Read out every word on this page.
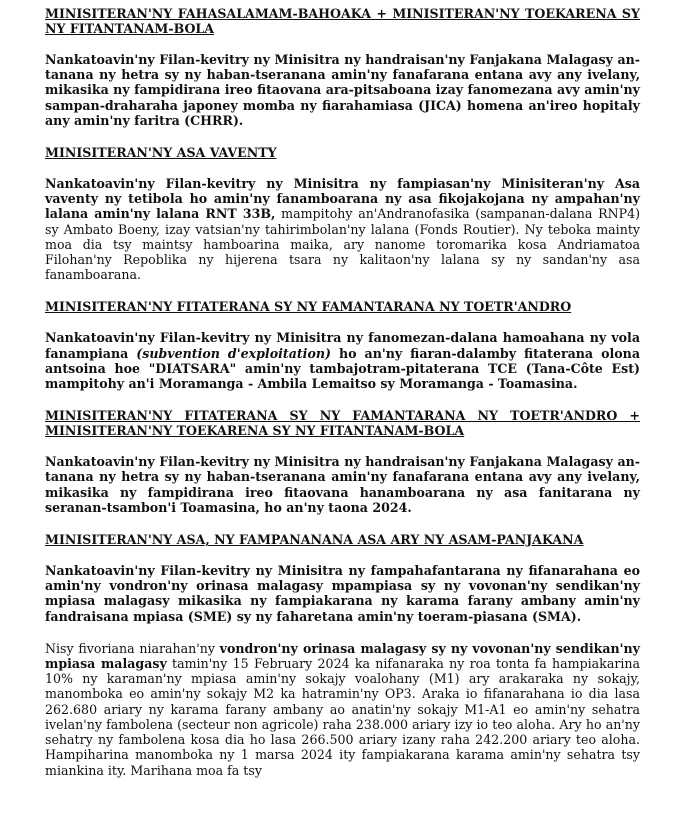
MINISITERAN'NY FAHASALAMAM-BAHOAKA + MINISITERAN'NY TOEKARENA SY NY FITANTANAM-BOLA
Nankatoavin'ny Filan-kevitry ny Minisitra ny handraisan'ny Fanjakana Malagasy an-tanana ny hetra sy ny haban-tseranana amin'ny fanafarana entana avy any ivelany, mikasika ny fampidirana ireo fitaovana ara-pitsaboana izay fanomezana avy amin'ny sampan-draharaha japoney momba ny fiarahamiasa (JICA) homena an'ireo hopitaly any amin'ny faritra (CHRR).
MINISITERAN'NY ASA VAVENTY
Nankatoavin'ny Filan-kevitry ny Minisitra ny fampiasan'ny Minisiteran'ny Asa vaventy ny tetibola ho amin'ny fanamboarana ny asa fikojakojana ny ampahan'ny lalana amin'ny lalana RNT 33B, mampitohy an'Andranofasika (sampanan-dalana RNP4) sy Ambato Boeny, izay vatsian'ny tahirimbolan'ny lalana (Fonds Routier). Ny teboka mainty moa dia tsy maintsy hamboarina maika, ary nanome toromarika kosa Andriamatoa Filohan'ny Repoblika ny hijerena tsara ny kalitaon'ny lalana sy ny sandan'ny asa fanamboarana.
MINISITERAN'NY FITATERANA SY NY FAMANTARANA NY TOETR'ANDRO
Nankatoavin'ny Filan-kevitry ny Minisitra ny fanomezan-dalana hamoahana ny vola fanampiana (subvention d'exploitation) ho an'ny fiaran-dalamby fitaterana olona antsoina hoe "DIATSARA" amin'ny tambajotram-pitaterana TCE (Tana-Côte Est) mampitohy an'i Moramanga - Ambila Lemaitso sy Moramanga - Toamasina.
MINISITERAN'NY FITATERANA SY NY FAMANTARANA NY TOETR'ANDRO + MINISITERAN'NY TOEKARENA SY NY FITANTANAM-BOLA
Nankatoavin'ny Filan-kevitry ny Minisitra ny handraisan'ny Fanjakana Malagasy an-tanana ny hetra sy ny haban-tseranana amin'ny fanafarana entana avy any ivelany, mikasika ny fampidirana ireo fitaovana hanamboarana ny asa fanitarana ny seranan-tsambon'i Toamasina, ho an'ny taona 2024.
MINISITERAN'NY ASA, NY FAMPANANANA ASA ARY NY ASAM-PANJAKANA
Nankatoavin'ny Filan-kevitry ny Minisitra ny fampahafantarana ny fifanarahana eo amin'ny vondron'ny orinasa malagasy mpampiasa sy ny vovonan'ny sendikan'ny mpiasa malagasy mikasika ny fampiakarana ny karama farany ambany amin'ny fandraisana mpiasa (SME) sy ny faharetana amin'ny toeram-piasana (SMA).
Nisy fivoriana niarahan'ny vondron'ny orinasa malagasy sy ny vovonan'ny sendikan'ny mpiasa malagasy tamin'ny 15 February 2024 ka nifanaraka ny roa tonta fa hampiakarina 10% ny karaman'ny mpiasa amin'ny sokajy voalohany (M1) ary arakaraka ny sokajy, manomboka eo amin'ny sokajy M2 ka hatramin'ny OP3. Araka io fifanarahana io dia lasa 262.680 ariary ny karama farany ambany ao anatin'ny sokajy M1-A1 eo amin'ny sehatra ivelan'ny fambolena (secteur non agricole) raha 238.000 ariary izy io teo aloha. Ary ho an'ny sehatry ny fambolena kosa dia ho lasa 266.500 ariary izany raha 242.200 ariary teo aloha. Hampiharina manomboka ny 1 marsa 2024 ity fampiakarana karama amin'ny sehatra tsy miankina ity. Marihana moa fa tsy
